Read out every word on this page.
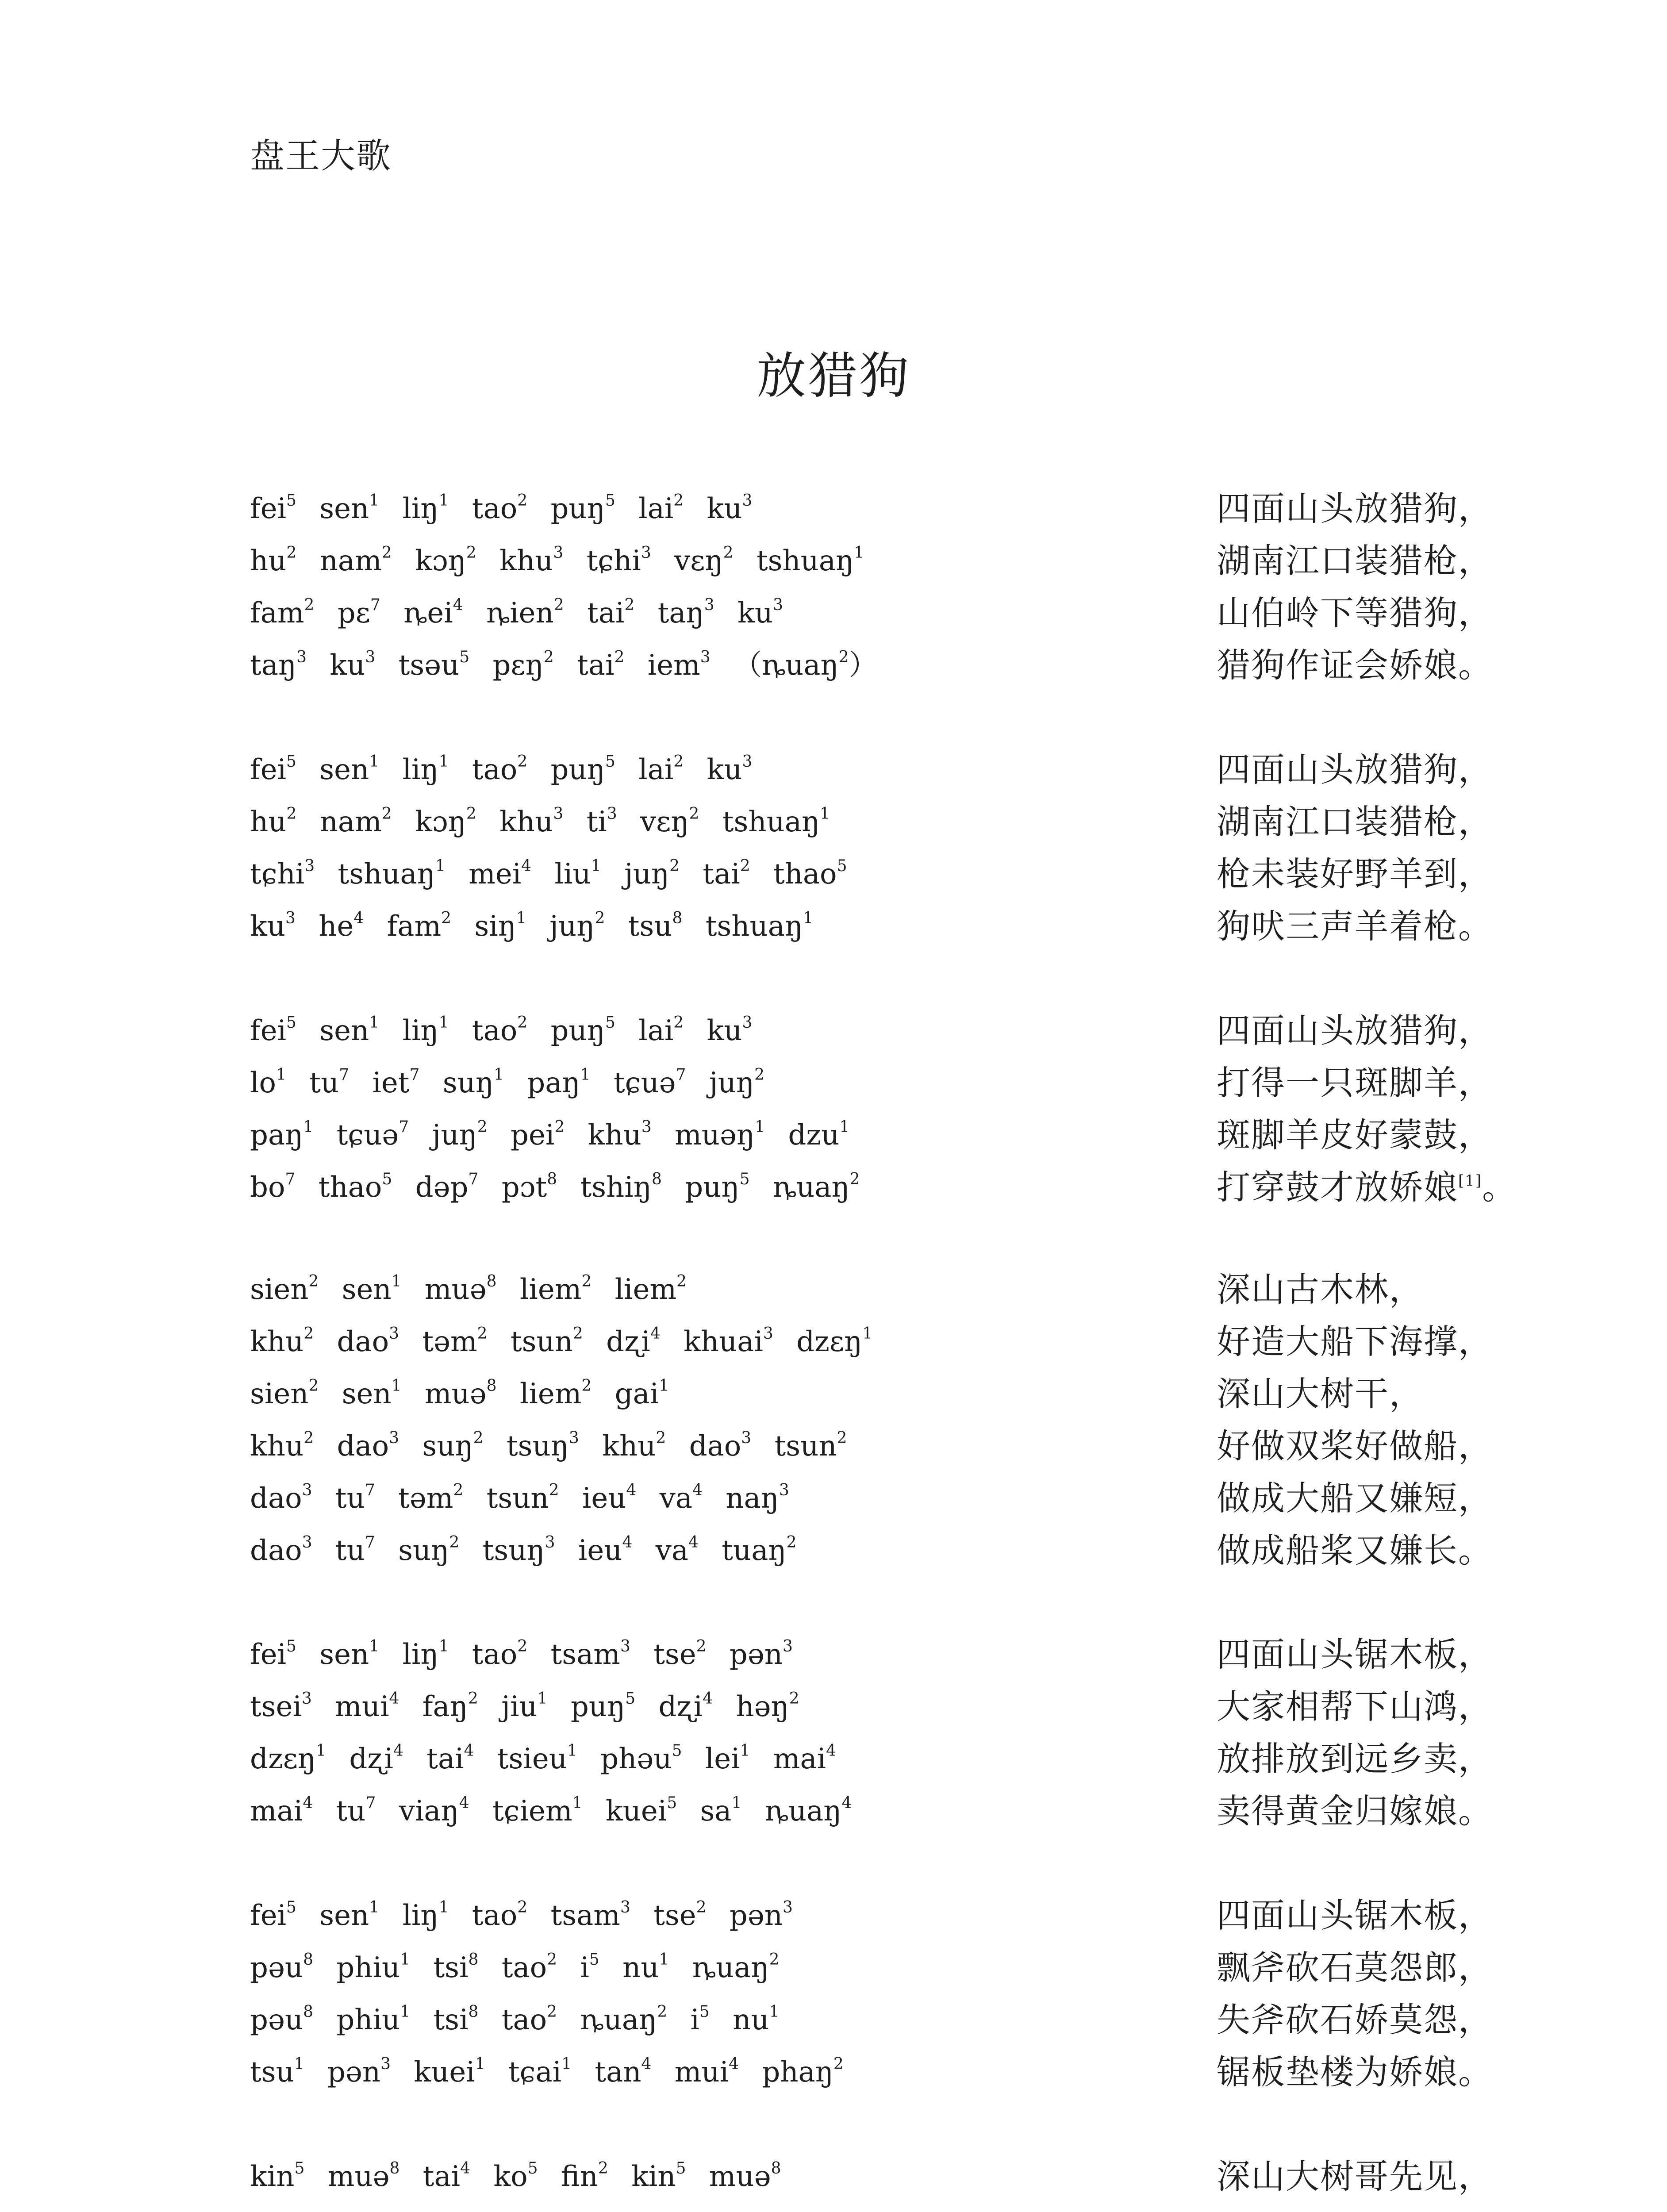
盘王大歌
放猎狗
fei$^5$ sen$^1$ liŋ$^1$ tao$^2$ puŋ$^5$ lai$^2$ $ku^3$	四面山头放猎狗，
$hu^2$ nam$^2$ kɔŋ$^2$ khu$^3$ tɕhi$^3$ vɛŋ$^2$ tshuaŋ$^1$	湖南江口装猎枪，
fam$^2$ pɛ$^7$ ȵei$^4$ ȵien$^2$ tai$^2$ taŋ$^3$ $ku^3$	山伯岭下等猎狗，
taŋ$^3$ $ku^3$ tsəu$^5$ pɛŋ$^2$ tai$^2$ iem$^3$ （ȵuaŋ$^2$）	猎狗作证会娇娘。
fei$^5$ sen$^1$ liŋ$^1$ tao$^2$ puŋ$^5$ lai$^2$ $ku^3$	四面山头放猎狗，
$hu^2$ nam$^2$ kɔŋ$^2$ khu$^3$ $ti^3$ vɛŋ$^2$ tshuaŋ$^1$	湖南江口装猎枪，
tɕhi$^3$ tshuaŋ$^1$ mei$^4$ liu$^1$ juŋ$^2$ tai$^2$ thao$^5$	枪未装好野羊到，
$ku^3$ $he^4$ fam$^2$ siŋ$^1$ juŋ$^2$ tsu$^8$ tshuaŋ$^1$	狗吠三声羊着枪。
fei$^5$ sen$^1$ liŋ$^1$ tao$^2$ puŋ$^5$ lai$^2$ $ku^3$	四面山头放猎狗，
$lo^1$ $tu^7$ iet$^7$ suŋ$^1$ paŋ$^1$ tɕuə$^7$ juŋ$^2$	打得一只斑脚羊，
paŋ$^1$ tɕuə$^7$ juŋ$^2$ pei$^2$ khu$^3$ muəŋ$^1$ dzu$^1$	斑脚羊皮好蒙鼓，
$bo^7$ thao$^5$ dəp$^7$ pɔt$^8$ tshiŋ$^8$ puŋ$^5$ ȵuaŋ$^2$	打穿鼓才放娇娘[1]。
sien$^2$ sen$^1$ muə$^8$ liem$^2$ liem$^2$	深山古木林，
khu$^2$ dao$^3$ təm$^2$ tsun$^2$ dʐi$^4$ khuai$^3$ dzɛŋ$^1$	好造大船下海撑，
sien$^2$ sen$^1$ muə$^8$ liem$^2$ gai$^1$	深山大树干，
khu$^2$ dao$^3$ suŋ$^2$ tsuŋ$^3$ khu$^2$ dao$^3$ tsun$^2$	好做双桨好做船，
dao$^3$ $tu^7$ təm$^2$ tsun$^2$ ieu$^4$ $va^4$ naŋ$^3$	做成大船又嫌短，
dao$^3$ $tu^7$ suŋ$^2$ tsuŋ$^3$ ieu$^4$ $va^4$ tuaŋ$^2$	做成船桨又嫌长。
fei$^5$ sen$^1$ liŋ$^1$ tao$^2$ tsam$^3$ tse$^2$ pən$^3$	四面山头锯木板，
tsei$^3$ mui$^4$ faŋ$^2$ jiu$^1$ puŋ$^5$ dʐi$^4$ həŋ$^2$	大家相帮下山鸿，
dzɛŋ$^1$ dʐi$^4$ tai$^4$ tsieu$^1$ phəu$^5$ lei$^1$ mai$^4$	放排放到远乡卖，
mai$^4$ $tu^7$ viaŋ$^4$ tɕiem$^1$ kuei$^5$ $sa^1$ ȵuaŋ$^4$	卖得黄金归嫁娘。
fei$^5$ sen$^1$ liŋ$^1$ tao$^2$ tsam$^3$ tse$^2$ pən$^3$	四面山头锯木板，
pəu$^8$ phiu$^1$ tsi$^8$ tao$^2$ $i^5$ $nu^1$ ȵuaŋ$^2$	飘斧砍石莫怨郎，
pəu$^8$ phiu$^1$ tsi$^8$ tao$^2$ ȵuaŋ$^2$ $i^5$ $nu^1$	失斧砍石娇莫怨，
tsu$^1$ pən$^3$ kuei$^1$ tɕai$^1$ $\tan^4 mui^4$ phaŋ$^2$	锯板垫楼为娇娘。
kin$^5$ muə$^8$ tai$^4$ $ko^5$ fin$^2$ kin$^5$ muə$^8$	深山大树哥先见，
